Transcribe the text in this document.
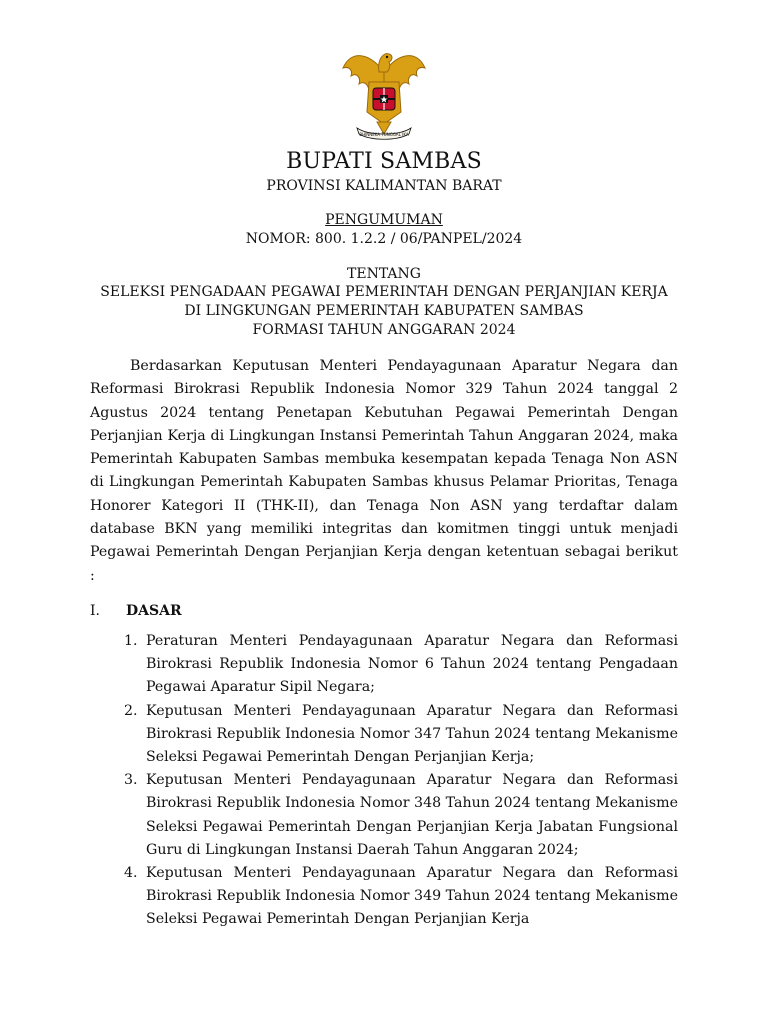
BHINNEKA TUNGGAL IKA
BUPATI SAMBAS
PROVINSI KALIMANTAN BARAT
PENGUMUMAN
NOMOR: 800. 1.2.2 / 06/PANPEL/2024
TENTANG
SELEKSI PENGADAAN PEGAWAI PEMERINTAH DENGAN PERJANJIAN KERJA
DI LINGKUNGAN PEMERINTAH KABUPATEN SAMBAS
FORMASI TAHUN ANGGARAN 2024

Berdasarkan Keputusan Menteri Pendayagunaan Aparatur Negara dan Reformasi Birokrasi Republik Indonesia Nomor 329 Tahun 2024 tanggal 2 Agustus 2024 tentang Penetapan Kebutuhan Pegawai Pemerintah Dengan Perjanjian Kerja di Lingkungan Instansi Pemerintah Tahun Anggaran 2024, maka Pemerintah Kabupaten Sambas membuka kesempatan kepada Tenaga Non ASN di Lingkungan Pemerintah Kabupaten Sambas khusus Pelamar Prioritas, Tenaga Honorer Kategori II (THK-II), dan Tenaga Non ASN yang terdaftar dalam database BKN yang memiliki integritas dan komitmen tinggi untuk menjadi Pegawai Pemerintah Dengan Perjanjian Kerja dengan ketentuan sebagai berikut :

I. DASAR
1. Peraturan Menteri Pendayagunaan Aparatur Negara dan Reformasi Birokrasi Republik Indonesia Nomor 6 Tahun 2024 tentang Pengadaan Pegawai Aparatur Sipil Negara;
2. Keputusan Menteri Pendayagunaan Aparatur Negara dan Reformasi Birokrasi Republik Indonesia Nomor 347 Tahun 2024 tentang Mekanisme Seleksi Pegawai Pemerintah Dengan Perjanjian Kerja;
3. Keputusan Menteri Pendayagunaan Aparatur Negara dan Reformasi Birokrasi Republik Indonesia Nomor 348 Tahun 2024 tentang Mekanisme Seleksi Pegawai Pemerintah Dengan Perjanjian Kerja Jabatan Fungsional Guru di Lingkungan Instansi Daerah Tahun Anggaran 2024;
4. Keputusan Menteri Pendayagunaan Aparatur Negara dan Reformasi Birokrasi Republik Indonesia Nomor 349 Tahun 2024 tentang Mekanisme Seleksi Pegawai Pemerintah Dengan Perjanjian Kerja
